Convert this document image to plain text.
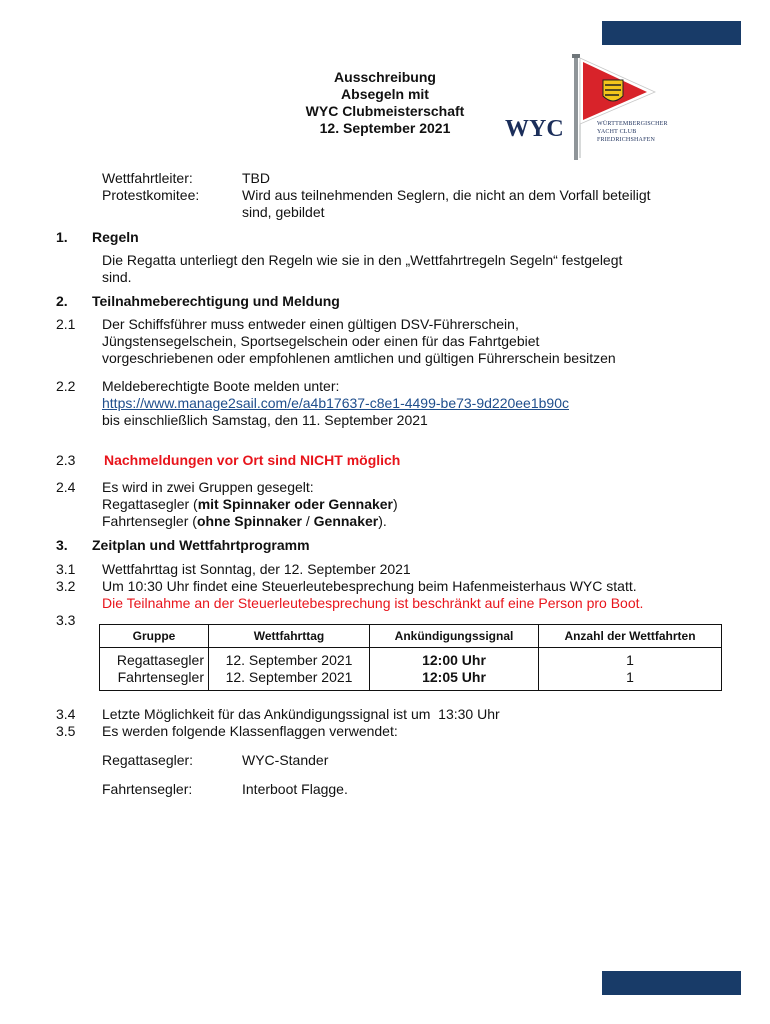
Ausschreibung
Absegeln mit
WYC Clubmeisterschaft
12. September 2021	WYC	WÜRTTEMBERGISCHER
YACHT CLUB
FRIEDRICHSHAFEN
Wettfahrtleiter:	TBD
Protestkomitee:	Wird aus teilnehmenden Seglern, die nicht an dem Vorfall beteiligt
sind, gebildet
1. Regeln
Die Regatta unterliegt den Regeln wie sie in den „Wettfahrtregeln Segeln“ festgelegt
sind.
2. Teilnahmeberechtigung und Meldung
2.1 Der Schiffsführer muss entweder einen gültigen DSV-Führerschein,
Jüngstensegelschein, Sportsegelschein oder einen für das Fahrtgebiet
vorgeschriebenen oder empfohlenen amtlichen und gültigen Führerschein besitzen
2.2 Meldeberechtigte Boote melden unter:
https://www.manage2sail.com/e/a4b17637-c8e1-4499-be73-9d220ee1b90c
bis einschließlich Samstag, den 11. September 2021
2.3 Nachmeldungen vor Ort sind NICHT möglich
2.4 Es wird in zwei Gruppen gesegelt:
Regattasegler (mit Spinnaker oder Gennaker)
Fahrtensegler (ohne Spinnaker / Gennaker).
3. Zeitplan und Wettfahrtprogramm
3.1 Wettfahrttag ist Sonntag, der 12. September 2021
3.2 Um 10:30 Uhr findet eine Steuerleutebesprechung beim Hafenmeisterhaus WYC statt.
Die Teilnahme an der Steuerleutebesprechung ist beschränkt auf eine Person pro Boot.
3.3
Gruppe	Wettfahrttag	Ankündigungssignal	Anzahl der Wettfahrten

Regattasegler	12. September 2021	12:00 Uhr	1
Fahrtensegler	12. September 2021	12:05 Uhr	1

3.4 Letzte Möglichkeit für das Ankündigungssignal ist um  13:30 Uhr
3.5 Es werden folgende Klassenflaggen verwendet:
Regattasegler:	WYC-Stander
Fahrtensegler:	Interboot Flagge.
